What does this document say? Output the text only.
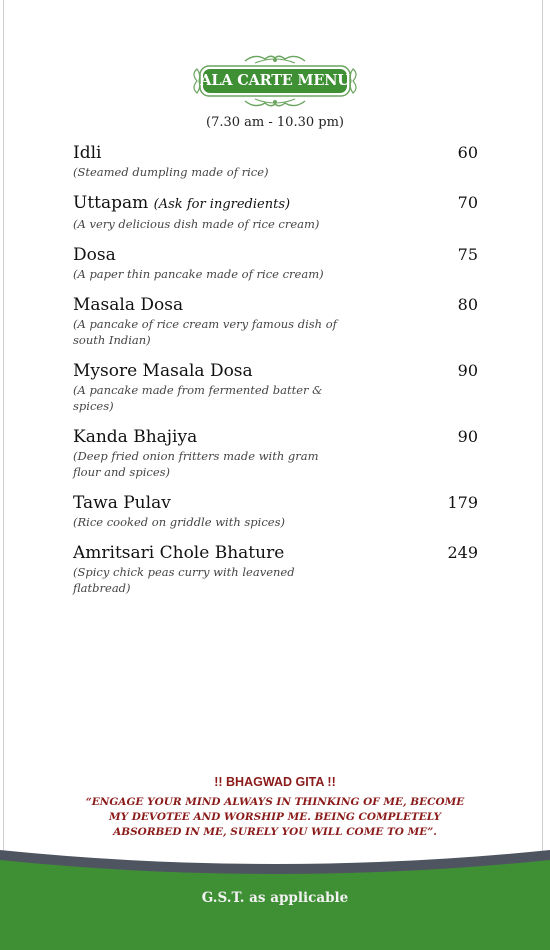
ALA CARTE MENU
(7.30 am - 10.30 pm)
Idli	60
(Steamed dumpling made of rice)
Uttapam (Ask for ingredients)	70
(A very delicious dish made of rice cream)
Dosa	75
(A paper thin pancake made of rice cream)
Masala Dosa	80
(A pancake of rice cream very famous dish of south Indian)
Mysore Masala Dosa	90
(A pancake made from fermented batter & spices)
Kanda Bhajiya	90
(Deep fried onion fritters made with gram flour and spices)
Tawa Pulav	179
(Rice cooked on griddle with spices)
Amritsari Chole Bhature	249
(Spicy chick peas curry with leavened flatbread)
!! BHAGWAD GITA !!
“ENGAGE YOUR MIND ALWAYS IN THINKING OF ME, BECOME MY DEVOTEE AND WORSHIP ME. BEING COMPLETELY ABSORBED IN ME, SURELY YOU WILL COME TO ME”.
G.S.T. as applicable
